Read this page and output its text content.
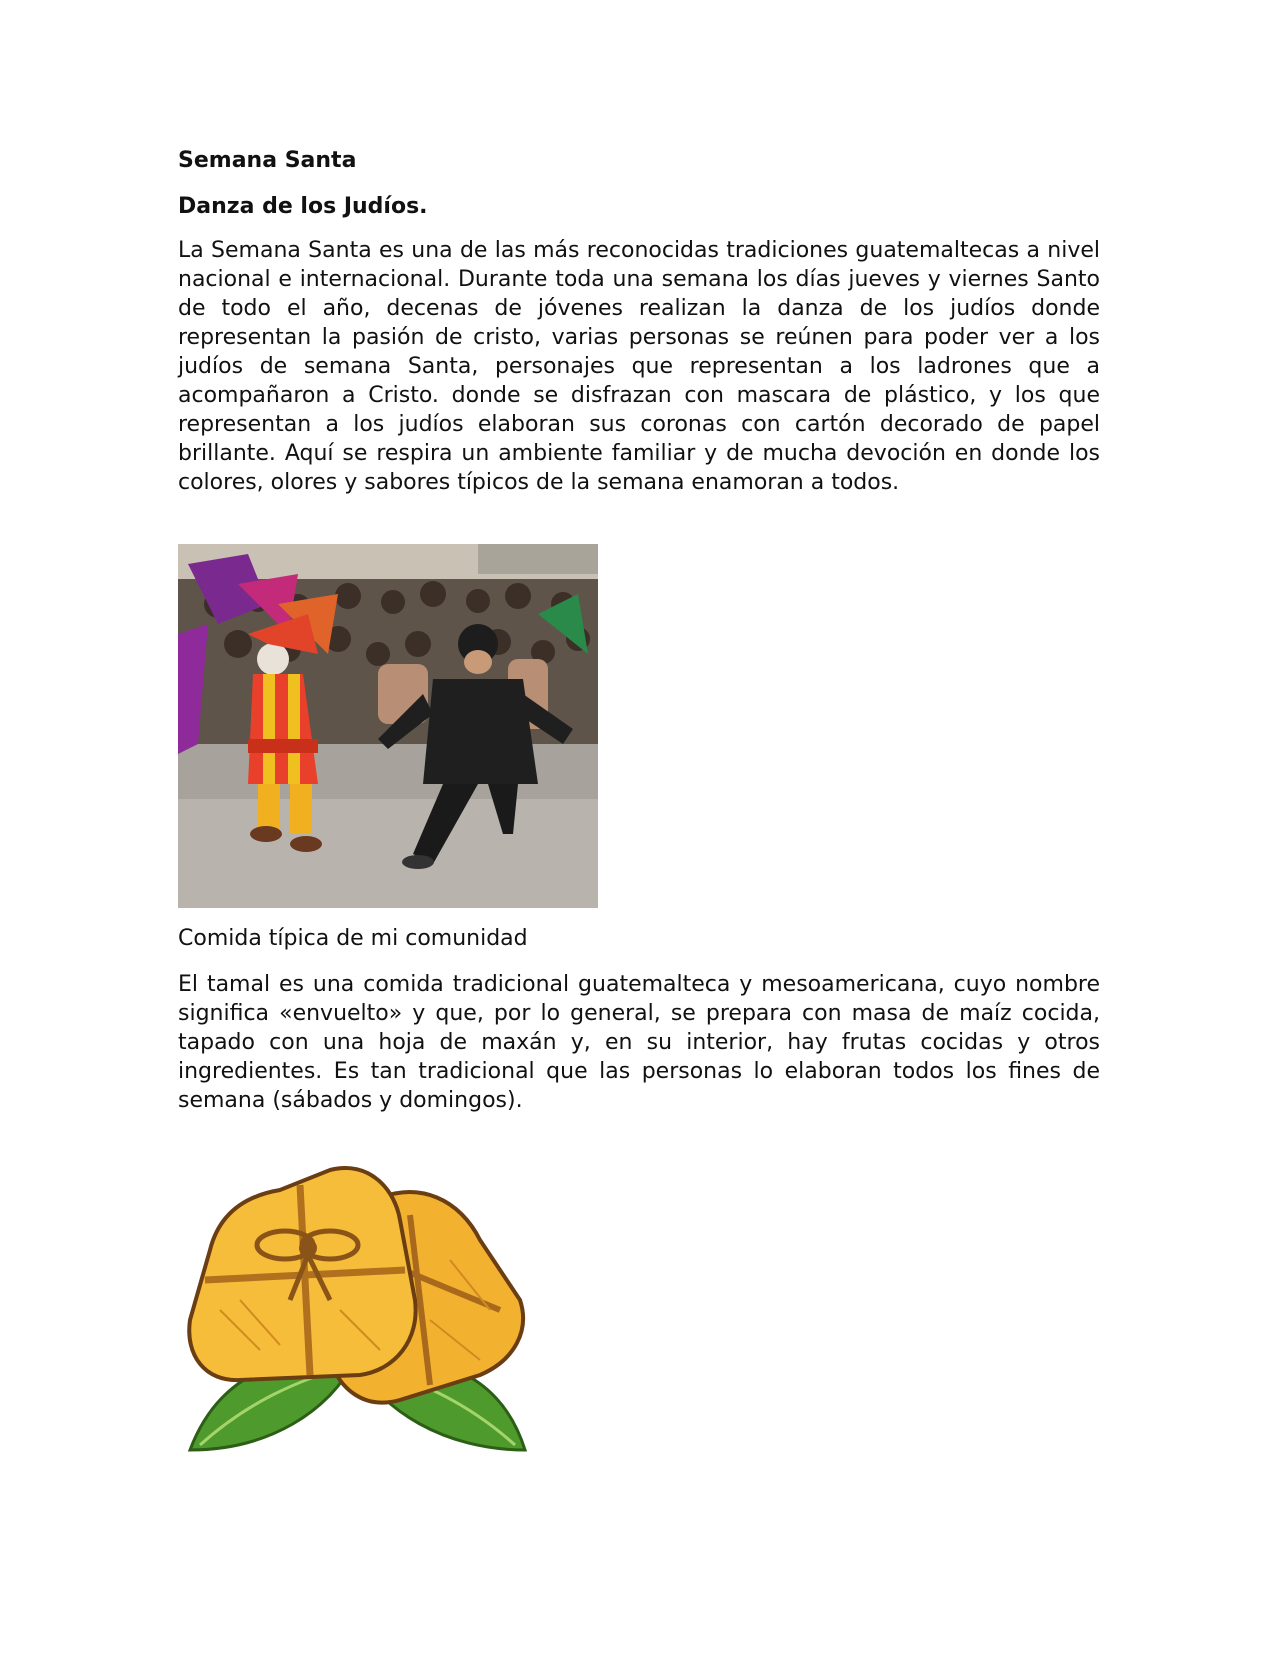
Semana Santa
Danza de los Judíos.

La Semana Santa es una de las más reconocidas tradiciones guatemaltecas a nivel nacional e internacional. Durante toda una semana los días jueves y viernes Santo de todo el año, decenas de jóvenes realizan la danza de los judíos donde representan la pasión de cristo, varias personas se reúnen para poder ver a los judíos de semana Santa, personajes que representan a los ladrones que a acompañaron a Cristo. donde se disfrazan con mascara de plástico, y los que representan a los judíos elaboran sus coronas con cartón decorado de papel brillante. Aquí se respira un ambiente familiar y de mucha devoción en donde los colores, olores y sabores típicos de la semana enamoran a todos.

Comida típica de mi comunidad

El tamal es una comida tradicional guatemalteca y mesoamericana, cuyo nombre significa «envuelto» y que, por lo general, se prepara con masa de maíz cocida, tapado con una hoja de maxán y, en su interior, hay frutas cocidas y otros ingredientes. Es tan tradicional que las personas lo elaboran todos los fines de semana (sábados y domingos).
